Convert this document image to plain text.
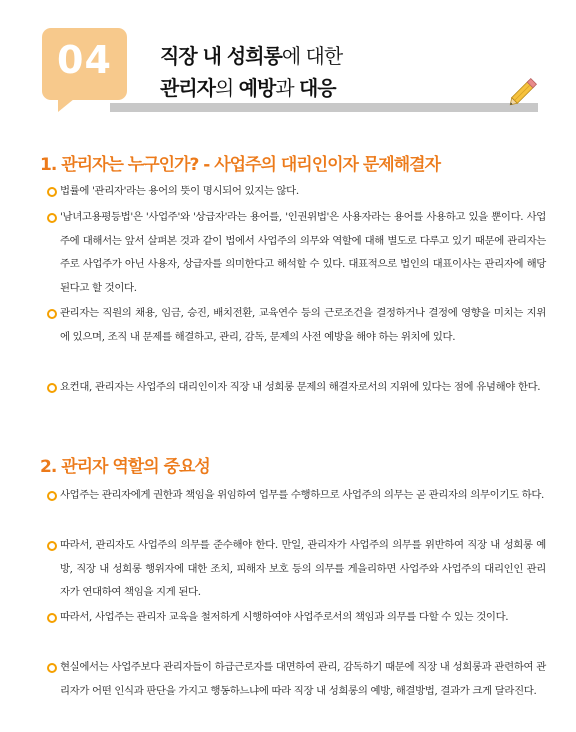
04	직장 내 성희롱에 대한
관리자의 예방과 대응
1. 관리자는 누구인가? - 사업주의 대리인이자 문제해결자
법률에 '관리자'라는 용어의 뜻이 명시되어 있지는 않다.
'남녀고용평등법'은 '사업주'와 '상급자'라는 용어를, '인권위법'은 사용자라는 용어를 사용하고 있을 뿐이다. 사업주에 대해서는 앞서 살펴본 것과 같이 법에서 사업주의 의무와 역할에 대해 별도로 다루고 있기 때문에 관리자는 주로 사업주가 아닌 사용자, 상급자를 의미한다고 해석할 수 있다. 대표적으로 법인의 대표이사는 관리자에 해당된다고 할 것이다.
관리자는 직원의 채용, 임금, 승진, 배치전환, 교육연수 등의 근로조건을 결정하거나 결정에 영향을 미치는 지위에 있으며, 조직 내 문제를 해결하고, 관리, 감독, 문제의 사전 예방을 해야 하는 위치에 있다.
요컨대, 관리자는 사업주의 대리인이자 직장 내 성희롱 문제의 해결자로서의 지위에 있다는 점에 유념해야 한다.
2. 관리자 역할의 중요성
사업주는 관리자에게 권한과 책임을 위임하여 업무를 수행하므로 사업주의 의무는 곧 관리자의 의무이기도 하다.
따라서, 관리자도 사업주의 의무를 준수해야 한다. 만일, 관리자가 사업주의 의무를 위반하여 직장 내 성희롱 예방, 직장 내 성희롱 행위자에 대한 조치, 피해자 보호 등의 의무를 게을리하면 사업주와 사업주의 대리인인 관리자가 연대하여 책임을 지게 된다.
따라서, 사업주는 관리자 교육을 철저하게 시행하여야 사업주로서의 책임과 의무를 다할 수 있는 것이다.
현실에서는 사업주보다 관리자들이 하급근로자를 대면하여 관리, 감독하기 때문에 직장 내 성희롱과 관련하여 관리자가 어떤 인식과 판단을 가지고 행동하느냐에 따라 직장 내 성희롱의 예방, 해결방법, 결과가 크게 달라진다.
